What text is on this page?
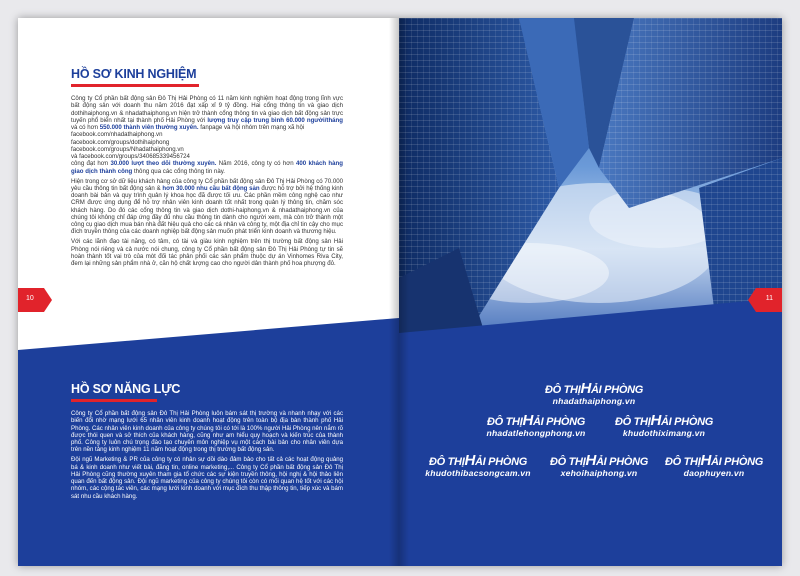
HỒ SƠ KINH NGHIỆM

Công ty Cổ phần bất động sản Đô Thị Hải Phòng có 11 năm kinh nghiệm hoạt động trong lĩnh vực bất động sản với doanh thu năm 2016 đạt xấp xỉ 9 tỷ đồng. Hai cổng thông tin và giao dịch dothihaiphong.vn & nhadathaiphong.vn hiện trở thành cổng thông tin và giao dịch bất động sản trực tuyến phổ biến nhất tại thành phố Hải Phòng với lượng truy cập trung bình 60.000 người/tháng và có hơn 550.000 thành viên thường xuyên. fanpage và hội nhóm trên mạng xã hội
facebook.com/nhadathaiphong.vn
facebook.com/groups/dothihaiphong
facebook.com/groups/Nhadathaiphong.vn
và facebook.com/groups/340685339456724
công đạt hơn 30.000 lượt theo dõi thường xuyên. Năm 2016, công ty có hơn 400 khách hàng giao dịch thành công thông qua các cổng thông tin này.

Hiện trong cơ sở dữ liệu khách hàng của công ty Cổ phần bất động sản Đô Thị Hải Phòng có 70.000 yêu cầu thông tin bất động sản & hơn 30.000 nhu cầu bất động sản được hỗ trợ bởi hệ thống kinh doanh bài bản và quy trình quản lý khoa học đã được tối ưu. Các phần mềm công nghệ cao như CRM được ứng dụng để hỗ trợ nhân viên kinh doanh tốt nhất trong quản lý thông tin, chăm sóc khách hàng. Do đó các cổng thông tin và giao dịch dothi-haiphong.vn & nhadathaiphong.vn của chúng tôi không chỉ đáp ứng đầy đủ nhu cầu thông tin dành cho người xem, mà còn trở thành một công cụ giao dịch mua bán nhà đất hiệu quả cho các cá nhân và công ty, một địa chỉ tin cậy cho mục đích truyền thông của các doanh nghiệp bất động sản muốn phát triển kinh doanh và thương hiệu.

Với các lãnh đạo tài năng, có tâm, có tài và giàu kinh nghiệm trên thị trường bất động sản Hải Phòng nói riêng và cả nước nói chung, công ty Cổ phần bất động sản Đô Thị Hải Phòng tự tin sẽ hoàn thành tốt vai trò của mòt đối tác phân phối các sản phẩm thuộc dự án Vinhomes Riva City, đem lại những sản phẩm nhà ở, căn hộ chất lượng cao cho người dân thành phố hoa phượng đỏ.

10
HỒ SƠ NĂNG LỰC

Công ty Cổ phần bất động sản Đô Thị Hải Phòng luôn bám sát thị trường và nhanh nhạy với các biến đổi nhờ mạng lưới 65 nhân viên kinh doanh hoạt động trên toàn bộ địa bàn thành phố Hải Phòng. Các nhân viên kinh doanh của công ty chúng tôi có tới là 100% người Hải Phòng nên nắm rõ được thói quen và sở thích của khách hàng, cũng như am hiểu quy hoạch và kiến trúc của thành phố. Công ty luôn chú trọng đào tạo chuyên môn nghiệp vụ một cách bài bản cho nhân viên dựa trên nền tảng kinh nghiệm 11 năm hoạt động trong thị trường bất động sản.

Đội ngũ Marketing & PR của công ty có nhân sự dồi dào đảm bảo cho tất cả các hoạt động quảng bá & kinh doanh như viết bài, đăng tin, online marketing,... Công ty Cổ phần bất động sản Đô Thị Hải Phòng cũng thường xuyên tham gia tổ chức các sự kiện truyền thông, hội nghị & hội thảo liên quan đến bất động sản. Đội ngũ marketing của công ty chúng tôi còn có mối quan hệ tốt với các hội nhóm, các cộng tác viên, các mạng lưới kinh doanh với mục đích thu thập thông tin, tiếp xúc và bám sát nhu cầu khách hàng.

ĐÔ THỊHẢI PHÒNG
nhadathaiphong.vn
ĐÔ THỊHẢI PHÒNG
nhadatlehongphong.vn
ĐÔ THỊHẢI PHÒNG
khudothiximang.vn
ĐÔ THỊHẢI PHÒNG
khudothibacsongcam.vn
ĐÔ THỊHẢI PHÒNG
xehoihaiphong.vn
ĐÔ THỊHẢI PHÒNG
daophuyen.vn
11
